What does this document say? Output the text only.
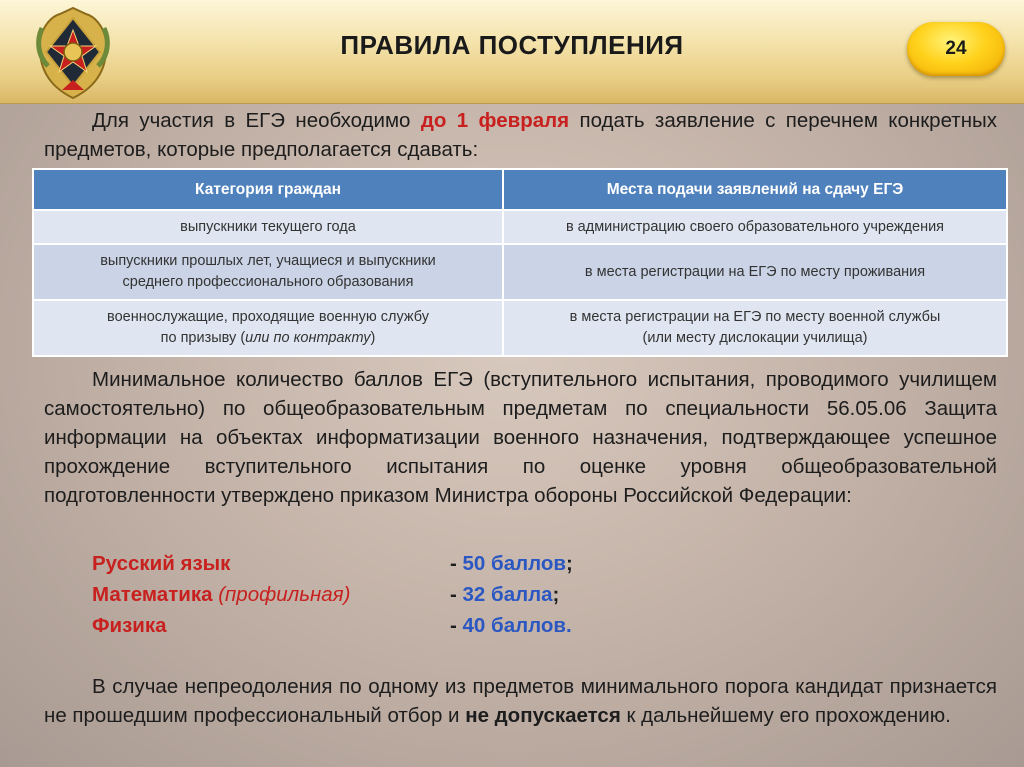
ПРАВИЛА ПОСТУПЛЕНИЯ	24

Для участия в ЕГЭ необходимо до 1 февраля подать заявление с перечнем конкретных предметов, которые предполагается сдавать:

Категория граждан	Места подачи заявлений на сдачу ЕГЭ
выпускники текущего года	в администрацию своего образовательного учреждения
выпускники прошлых лет, учащиеся и выпускники
среднего профессионального образования	в места регистрации на ЕГЭ по месту проживания
военнослужащие, проходящие военную службу
по призыву (или по контракту)	в места регистрации на ЕГЭ по месту военной службы
(или месту дислокации училища)

Минимальное количество баллов ЕГЭ (вступительного испытания, проводимого училищем самостоятельно) по общеобразовательным предметам по специальности 56.05.06 Защита информации на объектах информатизации военного назначения, подтверждающее успешное прохождение вступительного испытания по оценке уровня общеобразовательной подготовленности утверждено приказом Министра обороны Российской Федерации:

Русский язык	- 50 баллов;
Математика (профильная)	- 32 балла;
Физика	- 40 баллов.

В случае непреодоления по одному из предметов минимального порога кандидат признается не прошедшим профессиональный отбор и не допускается к дальнейшему его прохождению.
